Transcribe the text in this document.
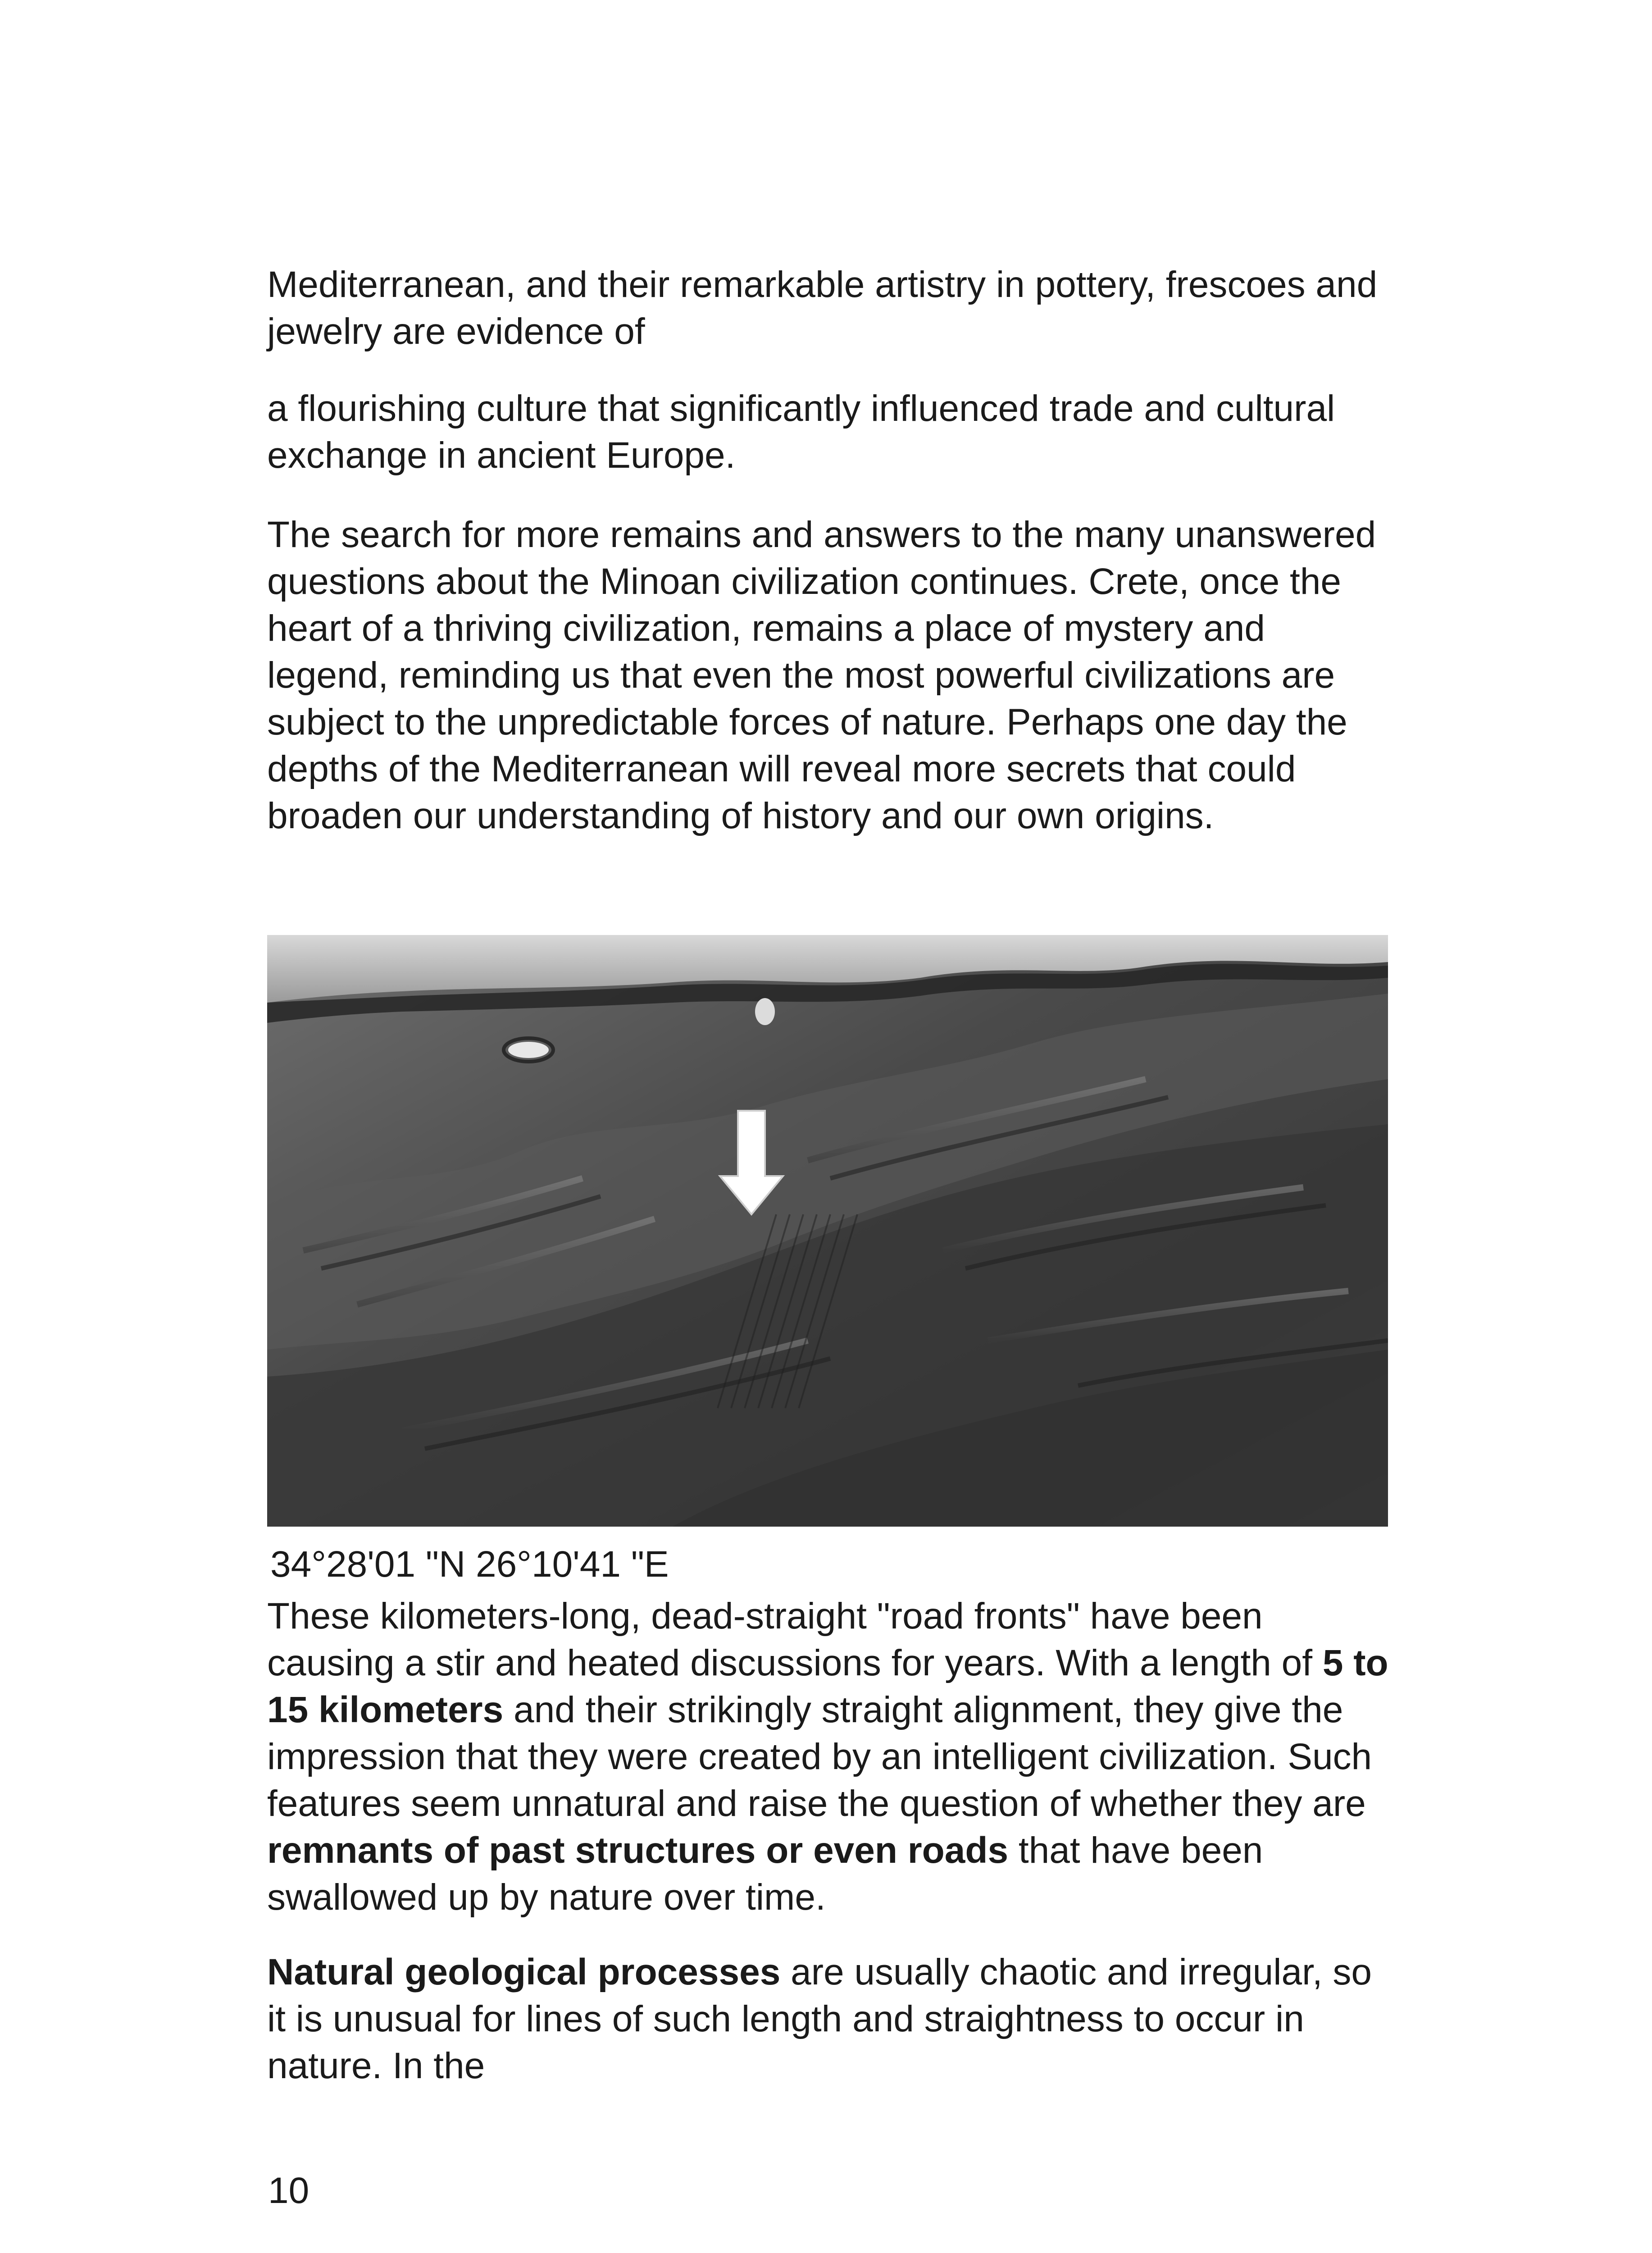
Mediterranean, and their remarkable artistry in pottery, frescoes and jewelry are evidence of

a flourishing culture that significantly influenced trade and cultural exchange in ancient Europe.

The search for more remains and answers to the many unanswered questions about the Minoan civilization continues. Crete, once the heart of a thriving civilization, remains a place of mystery and legend, reminding us that even the most powerful civilizations are subject to the unpredictable forces of nature. Perhaps one day the depths of the Mediterranean will reveal more secrets that could broaden our understanding of history and our own origins.

34°28'01 "N 26°10'41 "E

These kilometers-long, dead-straight "road fronts" have been causing a stir and heated discussions for years. With a length of 5 to 15 kilometers and their strikingly straight alignment, they give the impression that they were created by an intelligent civilization. Such features seem unnatural and raise the question of whether they are remnants of past structures or even roads that have been swallowed up by nature over time.

Natural geological processes are usually chaotic and irregular, so it is unusual for lines of such length and straightness to occur in nature. In the

10
